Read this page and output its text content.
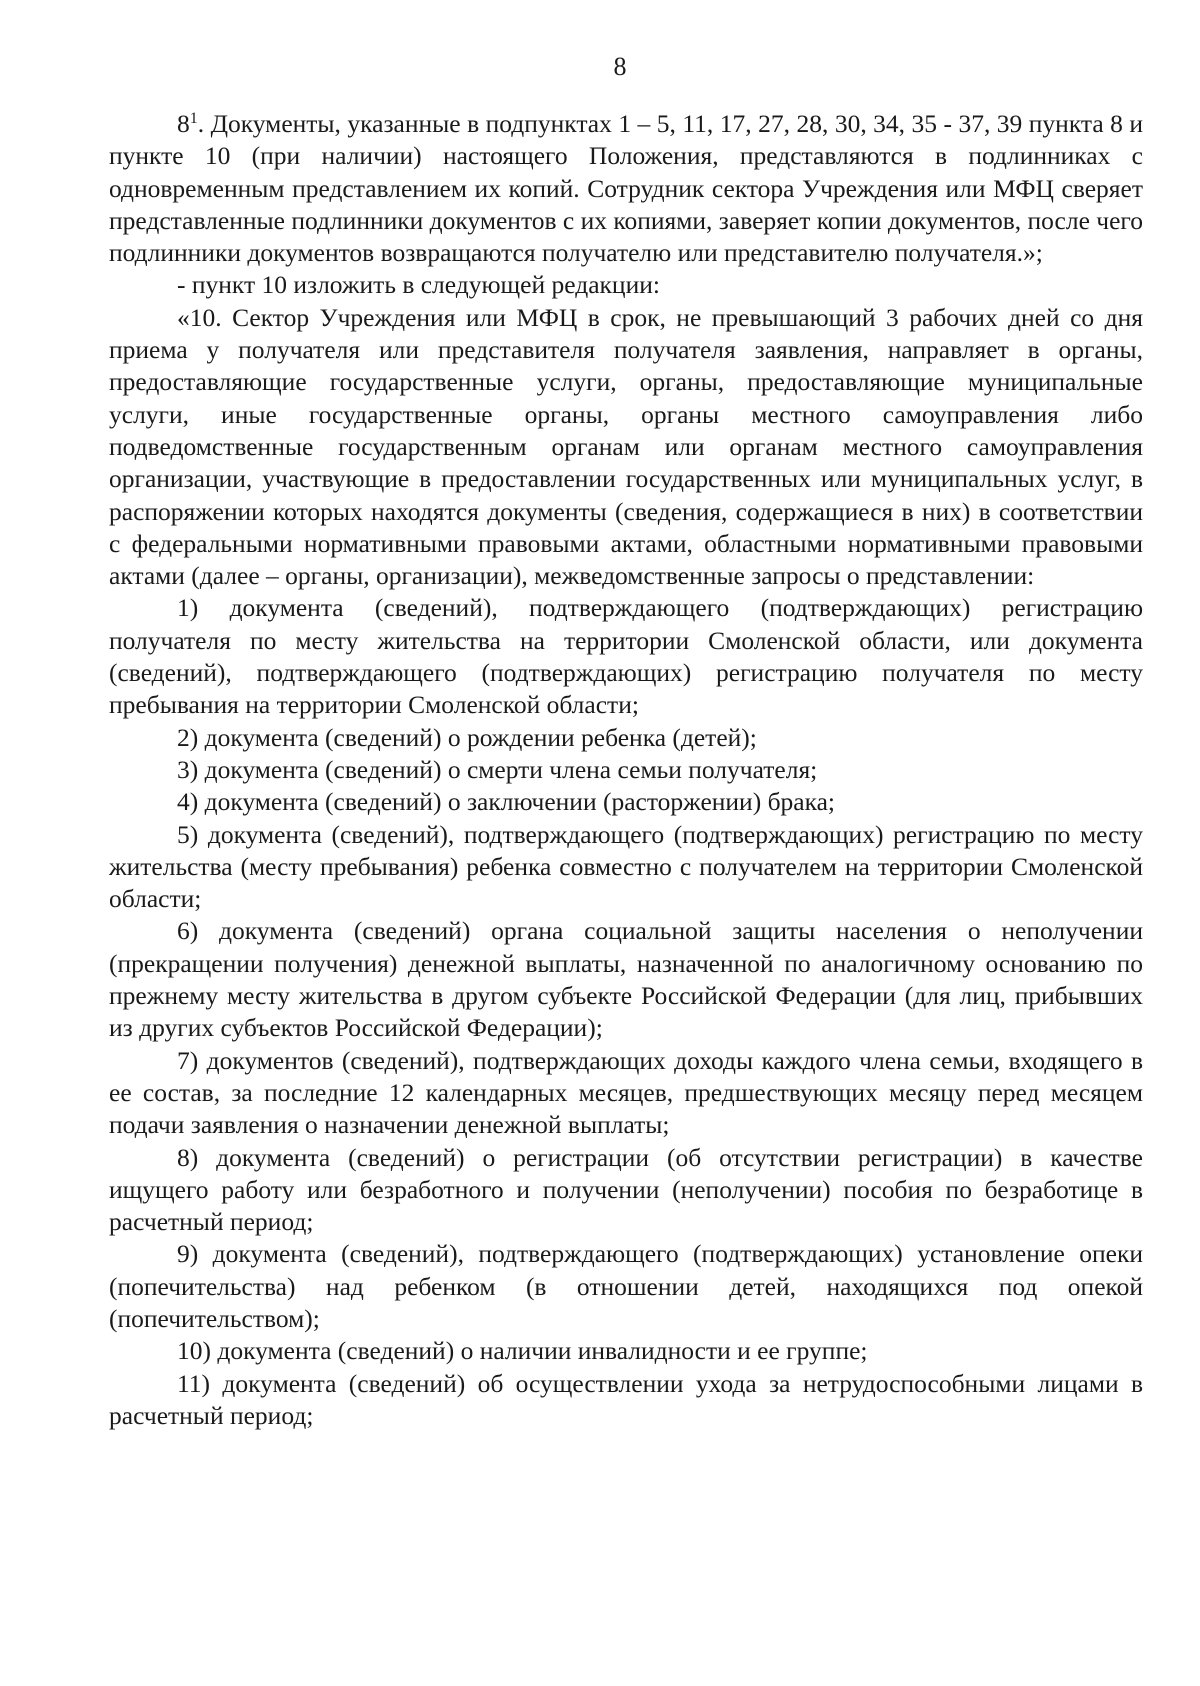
8

$8^1$. Документы, указанные в подпунктах 1 – 5, 11, 17, 27, 28, 30, 34, 35 - 37, 39 пункта 8 и пункте 10 (при наличии) настоящего Положения, представляются в подлинниках с одновременным представлением их копий. Сотрудник сектора Учреждения или МФЦ сверяет представленные подлинники документов с их копиями, заверяет копии документов, после чего подлинники документов возвращаются получателю или представителю получателя.»;

- пункт 10 изложить в следующей редакции:

«10. Сектор Учреждения или МФЦ в срок, не превышающий 3 рабочих дней со дня приема у получателя или представителя получателя заявления, направляет в органы, предоставляющие государственные услуги, органы, предоставляющие муниципальные услуги, иные государственные органы, органы местного самоуправления либо подведомственные государственным органам или органам местного самоуправления организации, участвующие в предоставлении государственных или муниципальных услуг, в распоряжении которых находятся документы (сведения, содержащиеся в них) в соответствии с федеральными нормативными правовыми актами, областными нормативными правовыми актами (далее – органы, организации), межведомственные запросы о представлении:

1) документа (сведений), подтверждающего (подтверждающих) регистрацию получателя по месту жительства на территории Смоленской области, или документа (сведений), подтверждающего (подтверждающих) регистрацию получателя по месту пребывания на территории Смоленской области;

2) документа (сведений) о рождении ребенка (детей);

3) документа (сведений) о смерти члена семьи получателя;

4) документа (сведений) о заключении (расторжении) брака;

5) документа (сведений), подтверждающего (подтверждающих) регистрацию по месту жительства (месту пребывания) ребенка совместно с получателем на территории Смоленской области;

6) документа (сведений) органа социальной защиты населения о неполучении (прекращении получения) денежной выплаты, назначенной по аналогичному основанию по прежнему месту жительства в другом субъекте Российской Федерации (для лиц, прибывших из других субъектов Российской Федерации);

7) документов (сведений), подтверждающих доходы каждого члена семьи, входящего в ее состав, за последние 12 календарных месяцев, предшествующих месяцу перед месяцем подачи заявления о назначении денежной выплаты;

8) документа (сведений) о регистрации (об отсутствии регистрации) в качестве ищущего работу или безработного и получении (неполучении) пособия по безработице в расчетный период;

9) документа (сведений), подтверждающего (подтверждающих) установление опеки (попечительства) над ребенком (в отношении детей, находящихся под опекой (попечительством);

10) документа (сведений) о наличии инвалидности и ее группе;

11) документа (сведений) об осуществлении ухода за нетрудоспособными лицами в расчетный период;
